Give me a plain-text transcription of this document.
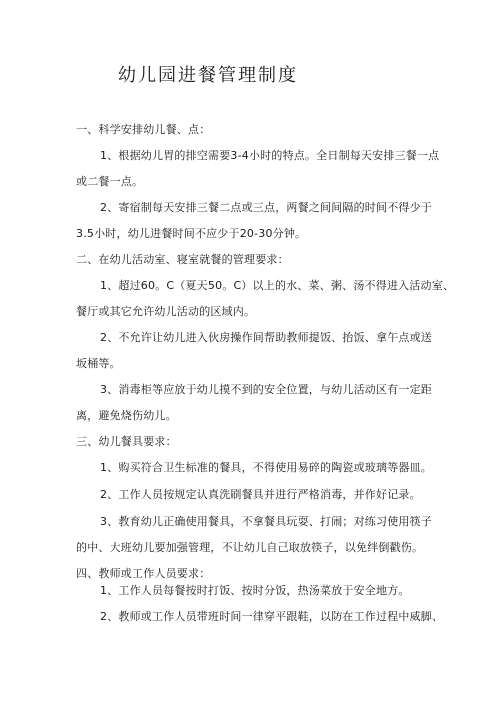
幼儿园进餐管理制度
一、科学安排幼儿餐、点：
1、根据幼儿胃的排空需要3-4小时的特点。全日制每天安排三餐一点
或二餐一点。
2、寄宿制每天安排三餐二点或三点，两餐之间间隔的时间不得少于
3.5小时，幼儿进餐时间不应少于20-30分钟。
二、在幼儿活动室、寝室就餐的管理要求：
1、超过60。C（夏天50。C）以上的水、菜、粥、汤不得进入活动室、
餐厅或其它允许幼儿活动的区域内。
2、不允许让幼儿进入伙房操作间帮助教师提饭、抬饭、拿午点或送
坂桶等。
3、消毒柜等应放于幼儿摸不到的安全位置，与幼儿活动区有一定距
离，避免烧伤幼儿。
三、幼儿餐具要求：
1、购买符合卫生标准的餐具，不得使用易碎的陶瓷或玻璃等器皿。
2、工作人员按规定认真洗刷餐具并进行严格消毒，并作好记录。
3、教育幼儿正确使用餐具，不拿餐具玩耍、打闹；对练习使用筷子
的中、大班幼儿要加强管理，不让幼儿自己取放筷子，以免绊倒戳伤。
四、教师或工作人员要求：
1、工作人员每餐按时打饭、按时分饭，热汤菜放于安全地方。
2、教师或工作人员带班时间一律穿平跟鞋，以防在工作过程中威脚、
